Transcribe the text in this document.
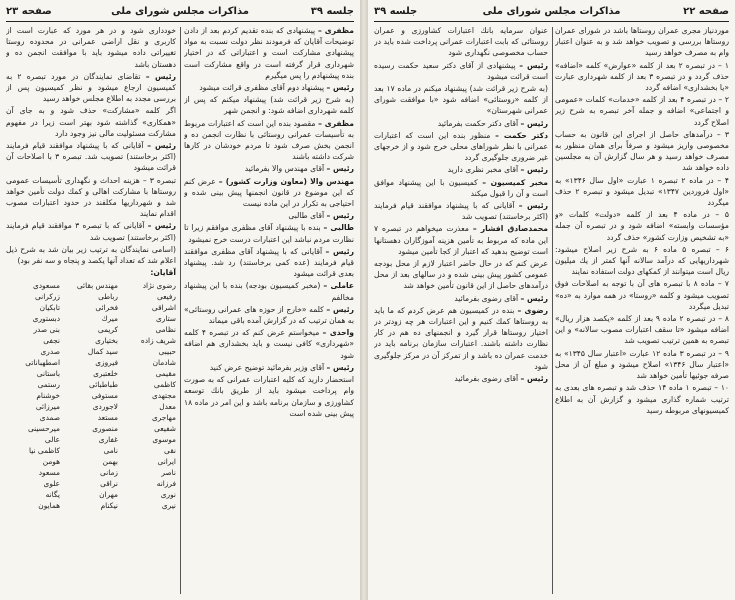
جلسه ۳۹
مذاكرات مجلس شوراى ملى
صفحه ۲۳

مظفری – پیشنهادی كه بنده تقدیم كردم بعد از دادن توضیحات آقایان كه فرمودند نظر دولت نسبت به مواد پیشنهادی مشاركت است و اعتباراتی كه در اختیار شهرداری قرار گرفته است در واقع مشاركت است بنده پیشنهادم را پس میگیرم

رئیس – پیشنهاد دوم آقای مظفری قرائت میشود

(به شرح زیر قرائت شد) پیشنهاد میكنم كه پس از كلمه شهرداری اضافه شود: و انجمن شهر

مظفری – مقصود بنده این است كه اعتبارات مربوط به تأسیسات عمرانی روستائی با نظارت انجمن ده و انجمن بخش صرف شود تا مردم خودشان در كارها شركت داشته باشند

رئیس – آقای مهندس والا بفرمائید

مهندس والا (معاون وزارت كشور) – عرض كنم كه این موضوع در قانون انجمنها پیش بینی شده و احتیاجی به تكرار در این ماده نیست

رئیس – آقای طالبی

طالبی – بنده با پیشنهاد آقای مظفری موافقم زیرا تا نظارت مردم نباشد این اعتبارات درست خرج نمیشود

رئیس – آقایانی كه با پیشنهاد آقای مظفری موافقند قیام فرمایند (عده كمی برخاستند) رد شد. پیشنهاد بعدی قرائت میشود

عاملی – (مخبر كمیسیون بودجه) بنده با این پیشنهاد مخالفم

رئیس – كلمه «خارج از حوزه های عمرانی روستائی» به همان ترتیب كه در گزارش آمده باقی میماند

واحدی – میخواستم عرض كنم كه در تبصره ۴ كلمه «شهرداری» كافی نیست و باید بخشداری هم اضافه شود

رئیس – آقای وزیر بفرمائید توضیح عرض كنید

استحضار دارید كه كلیه اعتبارات عمرانی كه به صورت وام پرداخت میشود باید از طریق بانك توسعه كشاورزی و سازمان برنامه باشد و این امر در ماده ۱۸ پیش بینی شده است

خودداری شود و در هر مورد كه عبارت است از كاربری و نقل اراضی عمرانی در محدوده روستا تغییراتی داده میشود باید با موافقت انجمن ده و دهستان باشد

رئیس – تقاضای نمایندگان در مورد تبصره ۲ به كمیسیون ارجاع میشود و نظر كمیسیون پس از بررسی مجدد به اطلاع مجلس خواهد رسید

اگر كلمه «مشاركت» حذف شود و به جای آن «همكاری» گذاشته شود بهتر است زیرا در مفهوم مشاركت مسئولیت مالی نیز وجود دارد

رئیس – آقایانی كه با پیشنهاد موافقند قیام فرمایند (اكثر برخاستند) تصویب شد. تبصره ۳ با اصلاحات آن قرائت میشود

تبصره ۳ – هزینه احداث و نگهداری تأسیسات عمومی روستاها با مشاركت اهالی و كمك دولت تأمین خواهد شد و شهرداریها مكلفند در حدود اعتبارات مصوب اقدام نمایند

رئیس – آقایانی كه با تبصره ۳ موافقند قیام فرمایند (اكثر برخاستند) تصویب شد

(اسامی نمایندگان به ترتیب زیر بیان شد به شرح ذیل اعلام شد كه تعداد آنها یكصد و پنجاه و سه نفر بود)

آقایان:
رضوی نژاد
مهندس بقائی
مسعودی
رفیعی
رباطی
زركرانی
اشراقی
فخرائی
تابكیان
ستاری
میرك
دبستوری
نظامی
كریمی
بنی صدر
شریف زاده
بختیاری
نجفی
حبیبی
سید كمال
صدری
شادمان
فیروزی
اصطهباناتی
مقیمی
خلعتبری
باستانی
كاظمی
طباطبائی
رستمی
مجتهدی
مستوفی
خوشنام
معدل
لاجوردی
میرزائی
مهاجری
مستعد
صمدی
شفیعی
منصوری
میرحسینی
موسوی
غفاری
عالی
نقی
نامی
كاظمی نیا
ایرانی
بهمن
هومن
ناصر
زمانی
مسعود
فرزانه
نراقی
علوی
نوری
مهران
یگانه
نیری
نیكنام
همایون
صفحه ۲۲
مذاكرات مجلس شوراى ملى
جلسه ۳۹

موردنیاز مجری عمران روستاها باشد در شورای عمران روستاها بررسی و تصویب خواهد شد و به عنوان اعتبار وام به مصرف خواهد رسید

۱ – در تبصره ۲ بعد از كلمه «عوارض» كلمه «اضافه» حذف گردد و در تبصره ۳ بعد از كلمه شهرداری عبارت «یا بخشداری» اضافه گردد

۲ – در تبصره ۴ بعد از كلمه «خدمات» كلمات «عمومی و اجتماعی» اضافه و جمله آخر تبصره به شرح زیر اصلاح گردد

۳ – درآمدهای حاصل از اجرای این قانون به حساب مخصوصی واریز میشود و صرفاً برای همان منظور به مصرف خواهد رسید و هر سال گزارش آن به مجلسین داده خواهد شد

۴ – در ماده ۲ تبصره ۱ عبارت «اول سال ۱۳۴۶» به «اول فروردین ۱۳۴۷» تبدیل میشود و تبصره ۲ حذف میگردد

۵ – در ماده ۴ بعد از كلمه «دولت» كلمات «و مؤسسات وابسته» اضافه شود و در تبصره آن جمله «به تشخیص وزارت كشور» حذف گردد

۶ – تبصره ۵ ماده ۶ به شرح زیر اصلاح میشود: شهرداریهایی كه درآمد سالانه آنها كمتر از یك میلیون ریال است میتوانند از كمكهای دولت استفاده نمایند

۷ – ماده ۸ با تبصره های آن با توجه به اصلاحات فوق تصویب میشود و كلمه «روستا» در همه موارد به «ده» تبدیل میگردد

۸ – در تبصره ۲ ماده ۹ بعد از كلمه «یكصد هزار ریال» اضافه میشود «تا سقف اعتبارات مصوب سالانه» و این تبصره به همین ترتیب تصویب شد

۹ – در تبصره ۳ ماده ۱۲ عبارت «اعتبار سال ۱۳۴۵» به «اعتبار سال ۱۳۴۶» اصلاح میشود و مبلغ آن از محل صرفه جوئیها تأمین خواهد شد

۱۰ – تبصره ۱ ماده ۱۴ حذف شد و تبصره های بعدی به ترتیب شماره گذاری میشود و گزارش آن به اطلاع كمیسیونهای مربوطه رسید

عنوان سرمایه بانك اعتبارات كشاورزی و عمران روستائی كه بابت اعتبارات عمرانی پرداخت شده باید در حساب مخصوصی نگهداری شود

رئیس – پیشنهادی از آقای دكتر سعید حكمت رسیده است قرائت میشود

(به شرح زیر قرائت شد) پیشنهاد میكنم در ماده ۱۷ بعد از كلمه «روستائی» اضافه شود «با موافقت شورای عمرانی شهرستان»

رئیس – آقای دكتر حكمت بفرمائید

دكتر حكمت – منظور بنده این است كه اعتبارات عمرانی با نظر شوراهای محلی خرج شود و از خرجهای غیر ضروری جلوگیری گردد

رئیس – آقای مخبر نظری دارید

مخبر كمیسیون – كمیسیون با این پیشنهاد موافق است و آن را قبول میكند

رئیس – آقایانی كه با پیشنهاد موافقند قیام فرمایند (اكثر برخاستند) تصویب شد

محمدصادق افشار – معذرت میخواهم در تبصره ۷ این ماده كه مربوط به تأمین هزینه آموزگاران دهستانها است توضیح بدهید كه اعتبار از كجا تأمین میشود

عرض كنم كه در حال حاضر اعتبار لازم از محل بودجه عمومی كشور پیش بینی شده و در سالهای بعد از محل درآمدهای حاصل از این قانون تأمین خواهد شد

رئیس – آقای رضوی بفرمائید

رضوی – بنده در كمیسیون هم عرض كردم كه ما باید به روستاها كمك كنیم و این اعتبارات هر چه زودتر در اختیار روستاها قرار گیرد و انجمنهای ده هم در كار نظارت داشته باشند. اعتبارات سازمان برنامه باید در خدمت عمران ده باشد و از تمركز آن در مركز جلوگیری شود

رئیس – آقای رضوی بفرمائید
